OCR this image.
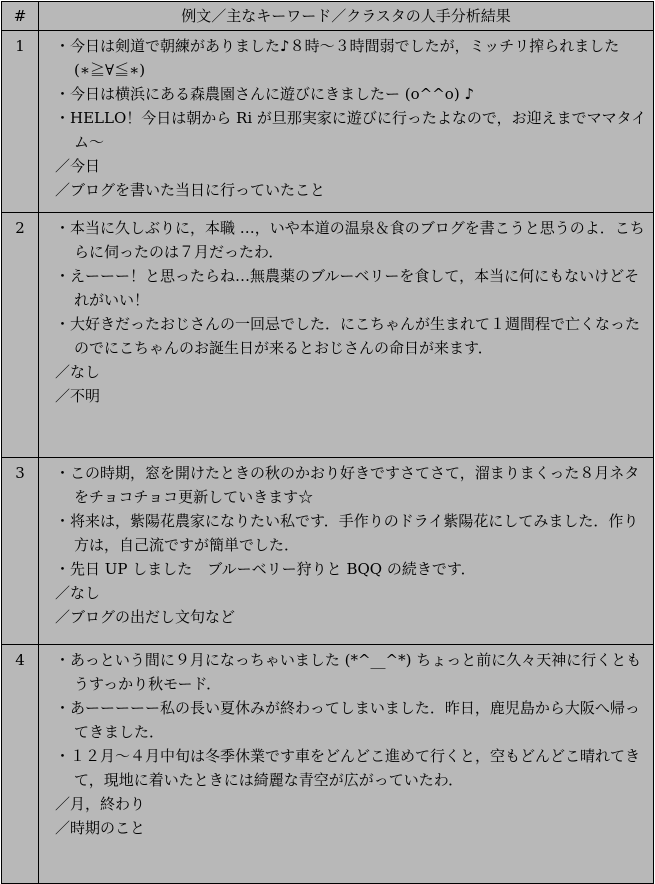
#	例文／主なキーワード／クラスタの人手分析結果
1	・今日は剣道で朝練がありました♪８時〜３時間弱でしたが，ミッチリ搾られました (∗≧∀≦∗)
・今日は横浜にある森農園さんに遊びにきましたー (o^^o) ♪
・HELLO！今日は朝から Ri が旦那実家に遊びに行ったよなので，お迎えまでママタイム〜
／今日
／ブログを書いた当日に行っていたこと

2	・本当に久しぶりに，本職 …，いや本道の温泉＆食のブログを書こうと思うのよ．こちらに伺ったのは７月だったわ．
・えーーー！と思ったらね…無農薬のブルーベリーを食して，本当に何にもないけどそれがいい！
・大好きだったおじさんの一回忌でした．にこちゃんが生まれて１週間程で亡くなったのでにこちゃんのお誕生日が来るとおじさんの命日が来ます．
／なし
／不明

3	・この時期，窓を開けたときの秋のかおり好きですさてさて，溜まりまくった８月ネタをチョコチョコ更新していきます☆
・将来は，紫陽花農家になりたい私です．手作りのドライ紫陽花にしてみました．作り方は，自己流ですが簡単でした．
・先日 UP しました　ブルーベリー狩りと BQQ の続きです．
／なし
／ブログの出だし文句など

4	・あっという間に９月になっちゃいました (*^__^*) ちょっと前に久々天神に行くともうすっかり秋モード．
・あーーーーー私の長い夏休みが終わってしまいました．昨日，鹿児島から大阪へ帰ってきました．
・１２月〜４月中旬は冬季休業です車をどんどこ進めて行くと，空もどんどこ晴れてきて，現地に着いたときには綺麗な青空が広がっていたわ．
／月，終わり
／時期のこと
